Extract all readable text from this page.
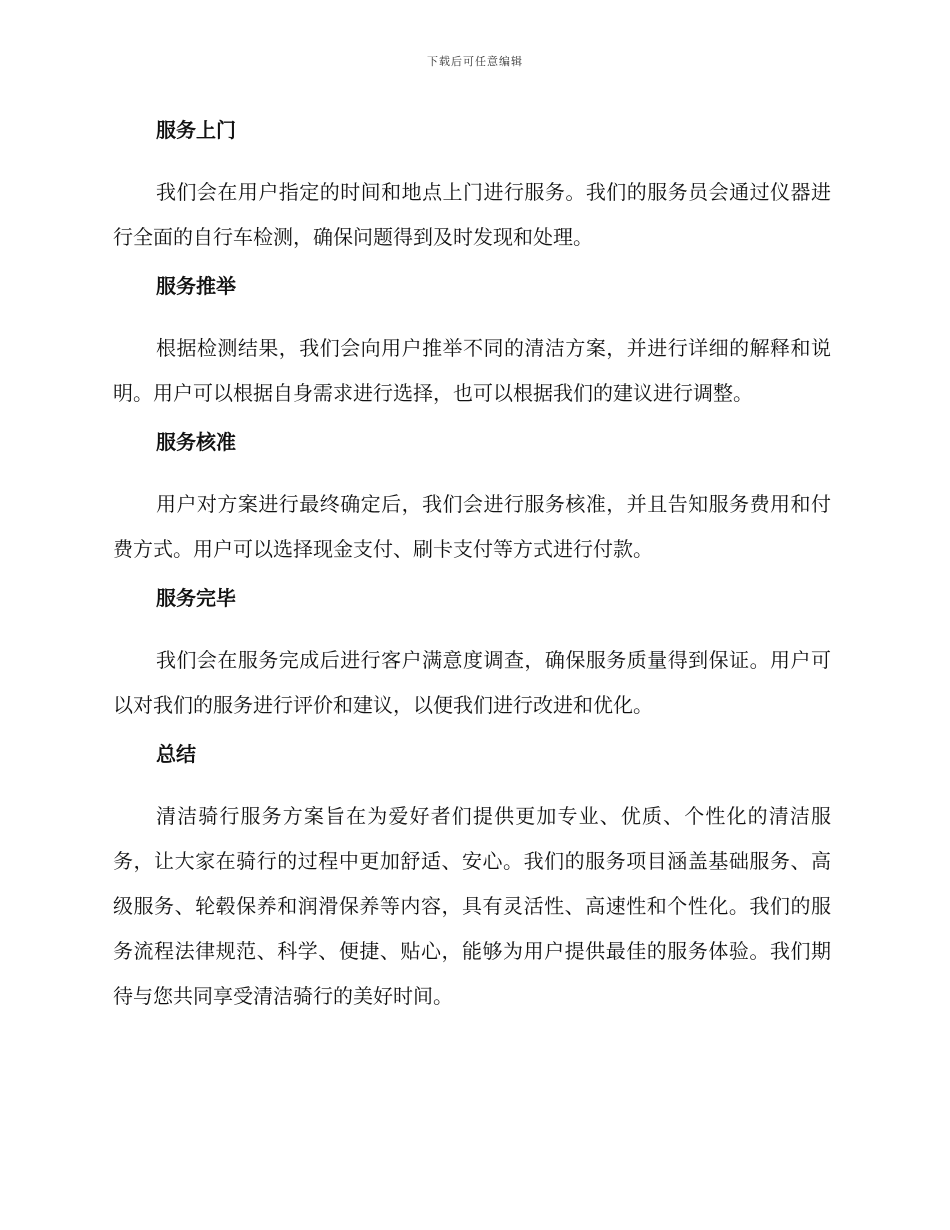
下载后可任意编辑
服务上门

我们会在用户指定的时间和地点上门进行服务。我们的服务员会通过仪器进行全面的自行车检测，确保问题得到及时发现和处理。

服务推举

根据检测结果，我们会向用户推举不同的清洁方案，并进行详细的解释和说明。用户可以根据自身需求进行选择，也可以根据我们的建议进行调整。

服务核准

用户对方案进行最终确定后，我们会进行服务核准，并且告知服务费用和付费方式。用户可以选择现金支付、刷卡支付等方式进行付款。

服务完毕

我们会在服务完成后进行客户满意度调查，确保服务质量得到保证。用户可以对我们的服务进行评价和建议，以便我们进行改进和优化。

总结

清洁骑行服务方案旨在为爱好者们提供更加专业、优质、个性化的清洁服务，让大家在骑行的过程中更加舒适、安心。我们的服务项目涵盖基础服务、高级服务、轮毂保养和润滑保养等内容，具有灵活性、高速性和个性化。我们的服务流程法律规范、科学、便捷、贴心，能够为用户提供最佳的服务体验。我们期待与您共同享受清洁骑行的美好时间。
